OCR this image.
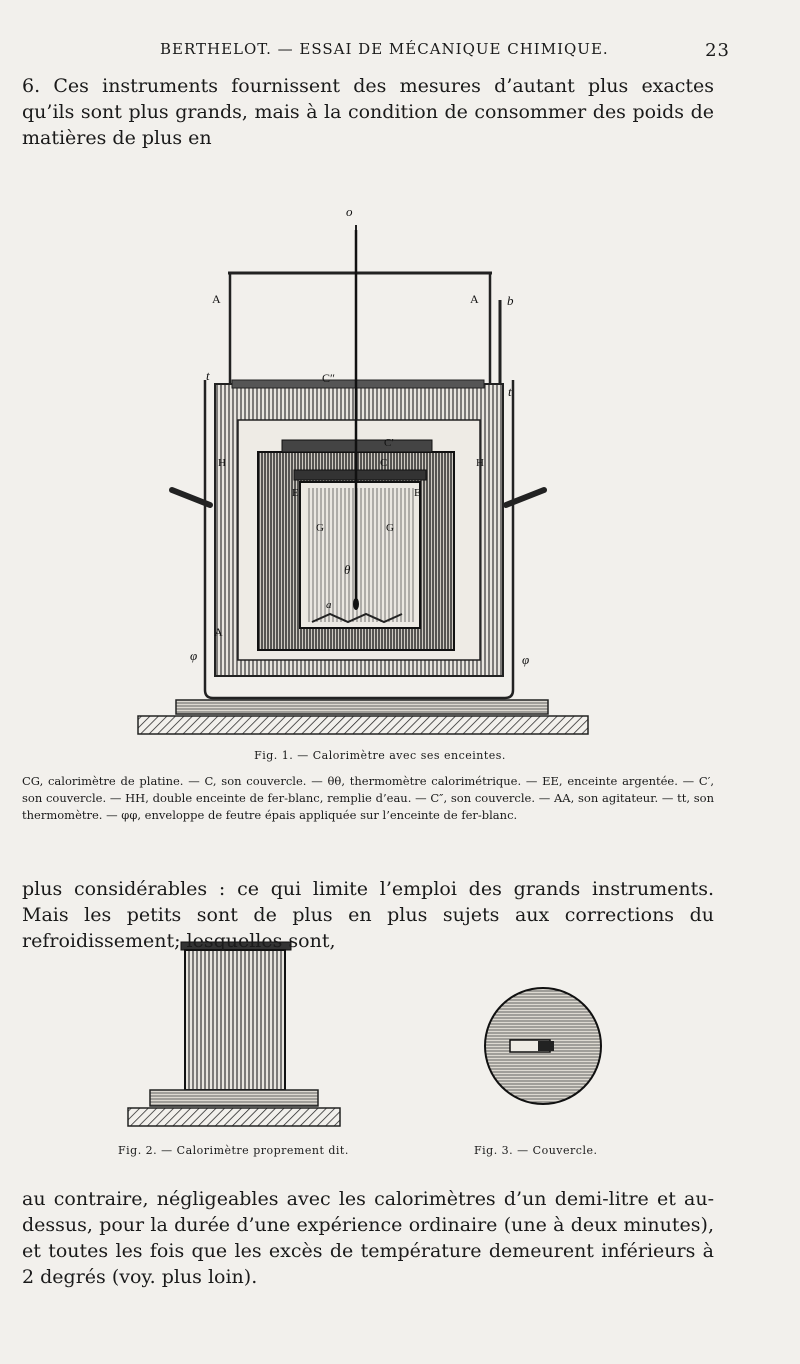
BERTHELOT. — ESSAI DE MÉCANIQUE CHIMIQUE.	23
6. Ces instruments fournissent des mesures d’autant plus exactes qu’ils sont plus grands, mais à la condition de consommer des poids de matières de plus en
o
A	A b
t
t
C″
C′
C
H	H
E	E
G	G
θ
a
A
φ	φ
Fig. 1. — Calorimètre avec ses enceintes.
CG, calorimètre de platine. — C, son couvercle. — θθ, thermomètre calorimétrique. — EE, enceinte argentée. — C′, son couvercle. — HH, double enceinte de fer-blanc, remplie d’eau. — C″, son couvercle. — AA, son agitateur. — tt, son thermomètre. — φφ, enveloppe de feutre épais appliquée sur l’enceinte de fer-blanc.
plus considérables : ce qui limite l’emploi des grands instruments. Mais les petits sont de plus en plus sujets aux corrections du refroidissement; lesquelles sont,
Fig. 2. — Calorimètre proprement dit.	Fig. 3. — Couvercle.
au contraire, négligeables avec les calorimètres d’un demi-litre et au-dessus, pour la durée d’une expérience ordinaire (une à deux minutes), et toutes les fois que les excès de température demeurent inférieurs à 2 degrés (voy. plus loin).
